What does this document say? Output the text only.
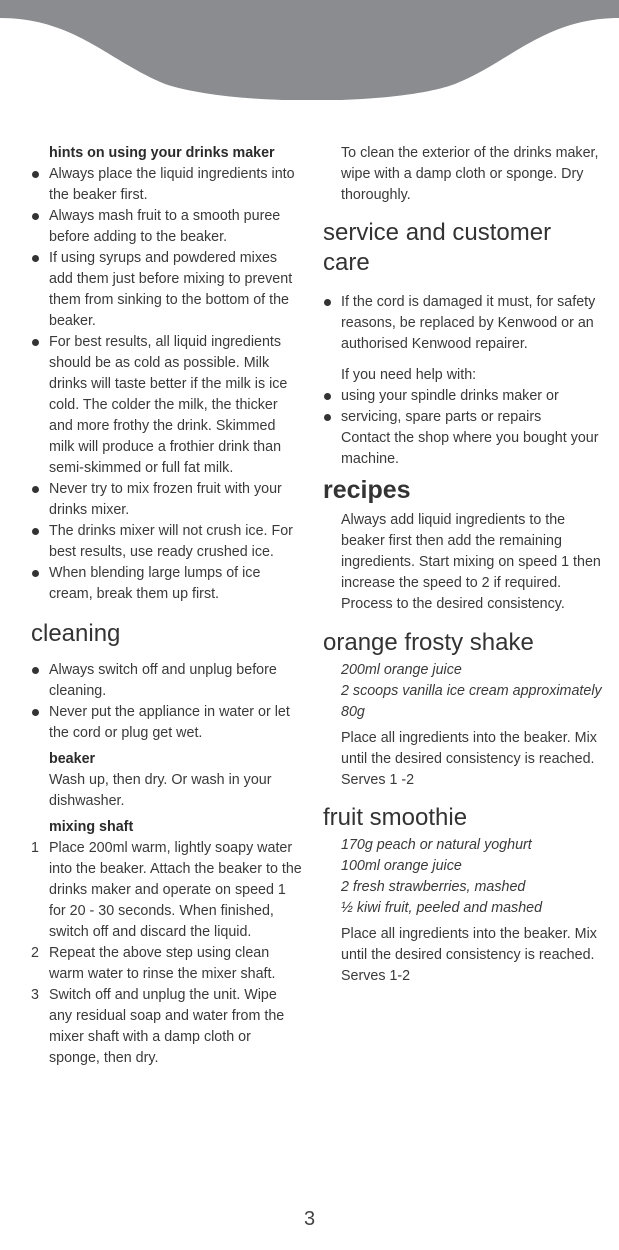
hints on using your drinks maker
Always place the liquid ingredients into the beaker first.
Always mash fruit to a smooth puree before adding to the beaker.
If using syrups and powdered mixes add them just before mixing to prevent them from sinking to the bottom of the beaker.
For best results, all liquid ingredients should be as cold as possible. Milk drinks will taste better if the milk is ice cold. The colder the milk, the thicker and more frothy the drink. Skimmed milk will produce a frothier drink than semi-skimmed or full fat milk.
Never try to mix frozen fruit with your drinks mixer.
The drinks mixer will not crush ice. For best results, use ready crushed ice.
When blending large lumps of ice cream, break them up first.
cleaning
Always switch off and unplug before cleaning.
Never put the appliance in water or let the cord or plug get wet.
beaker
Wash up, then dry. Or wash in your dishwasher.
mixing shaft
1 Place 200ml warm, lightly soapy water into the beaker. Attach the beaker to the drinks maker and operate on speed 1 for 20 - 30 seconds. When finished, switch off and discard the liquid.
2 Repeat the above step using clean warm water to rinse the mixer shaft.
3 Switch off and unplug the unit. Wipe any residual soap and water from the mixer shaft with a damp cloth or sponge, then dry.
To clean the exterior of the drinks maker, wipe with a damp cloth or sponge. Dry thoroughly.
service and customer care
If the cord is damaged it must, for safety reasons, be replaced by Kenwood or an authorised Kenwood repairer.
If you need help with:
using your spindle drinks maker or
servicing, spare parts or repairs
Contact the shop where you bought your machine.
recipes
Always add liquid ingredients to the beaker first then add the remaining ingredients. Start mixing on speed 1 then increase the speed to 2 if required. Process to the desired consistency.
orange frosty shake
200ml orange juice
2 scoops vanilla ice cream approximately 80g
Place all ingredients into the beaker. Mix until the desired consistency is reached.
Serves 1 -2
fruit smoothie
170g peach or natural yoghurt
100ml orange juice
2 fresh strawberries, mashed
½ kiwi fruit, peeled and mashed
Place all ingredients into the beaker. Mix until the desired consistency is reached.
Serves 1-2
3
